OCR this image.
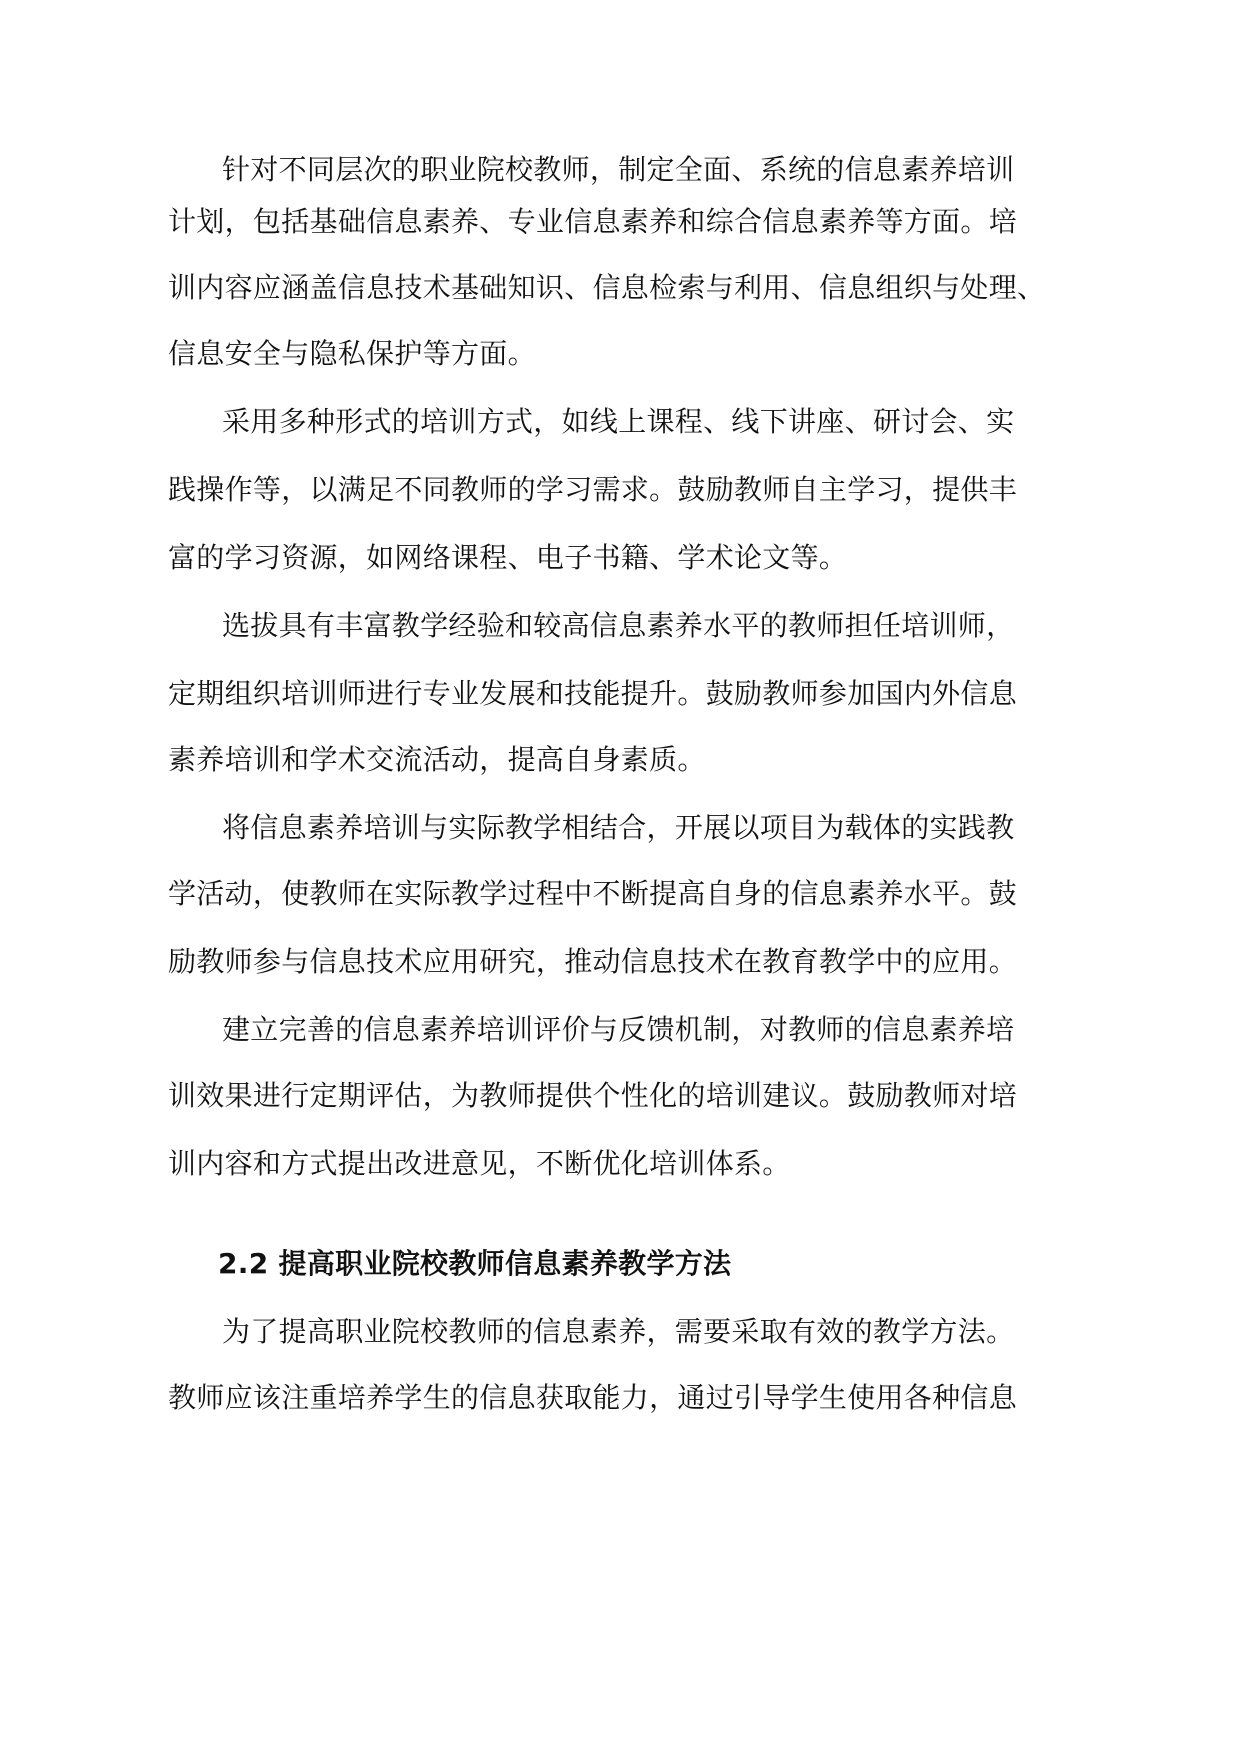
针对不同层次的职业院校教师，制定全面、系统的信息素养培训

计划，包括基础信息素养、专业信息素养和综合信息素养等方面。培

训内容应涵盖信息技术基础知识、信息检索与利用、信息组织与处理、

信息安全与隐私保护等方面。

采用多种形式的培训方式，如线上课程、线下讲座、研讨会、实

践操作等，以满足不同教师的学习需求。鼓励教师自主学习，提供丰

富的学习资源，如网络课程、电子书籍、学术论文等。

选拔具有丰富教学经验和较高信息素养水平的教师担任培训师，

定期组织培训师进行专业发展和技能提升。鼓励教师参加国内外信息

素养培训和学术交流活动，提高自身素质。

将信息素养培训与实际教学相结合，开展以项目为载体的实践教

学活动，使教师在实际教学过程中不断提高自身的信息素养水平。鼓

励教师参与信息技术应用研究，推动信息技术在教育教学中的应用。

建立完善的信息素养培训评价与反馈机制，对教师的信息素养培

训效果进行定期评估，为教师提供个性化的培训建议。鼓励教师对培

训内容和方式提出改进意见，不断优化培训体系。

2.2 提高职业院校教师信息素养教学方法

为了提高职业院校教师的信息素养，需要采取有效的教学方法。

教师应该注重培养学生的信息获取能力，通过引导学生使用各种信息
